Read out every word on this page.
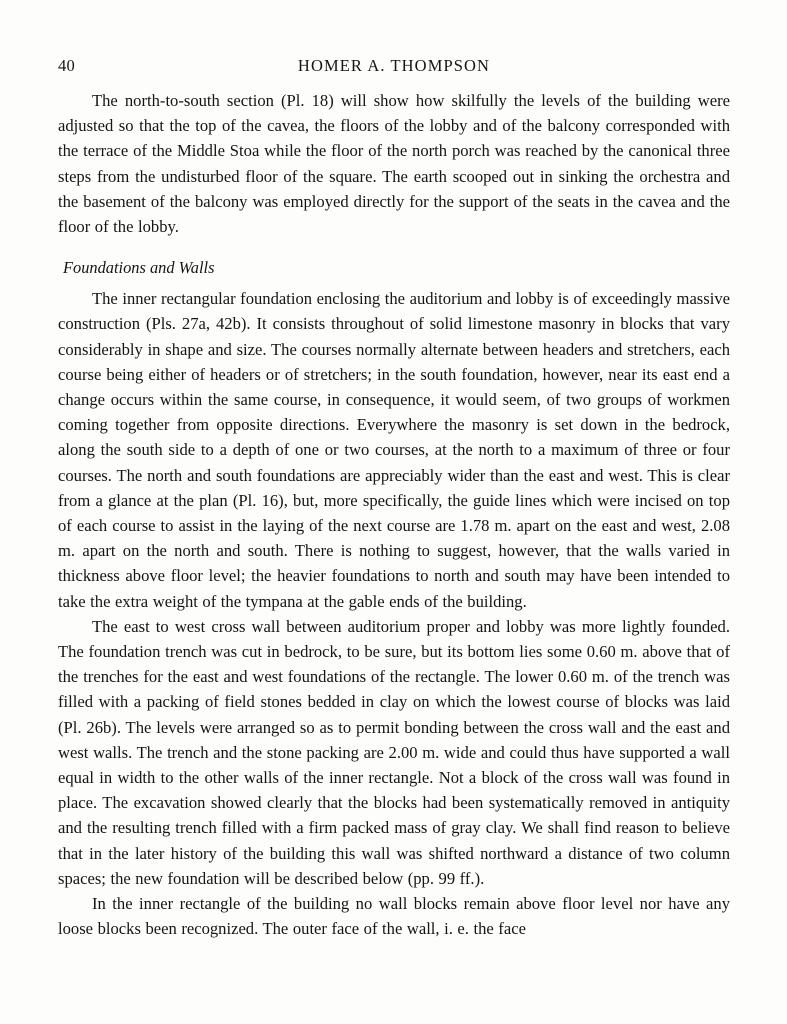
40	HOMER A. THOMPSON

The north-to-south section (Pl. 18) will show how skilfully the levels of the building were adjusted so that the top of the cavea, the floors of the lobby and of the balcony corresponded with the terrace of the Middle Stoa while the floor of the north porch was reached by the canonical three steps from the undisturbed floor of the square. The earth scooped out in sinking the orchestra and the basement of the balcony was employed directly for the support of the seats in the cavea and the floor of the lobby.

Foundations and Walls

The inner rectangular foundation enclosing the auditorium and lobby is of exceedingly massive construction (Pls. 27a, 42b). It consists throughout of solid limestone masonry in blocks that vary considerably in shape and size. The courses normally alternate between headers and stretchers, each course being either of headers or of stretchers; in the south foundation, however, near its east end a change occurs within the same course, in consequence, it would seem, of two groups of workmen coming together from opposite directions. Everywhere the masonry is set down in the bedrock, along the south side to a depth of one or two courses, at the north to a maximum of three or four courses. The north and south foundations are appreciably wider than the east and west. This is clear from a glance at the plan (Pl. 16), but, more specifically, the guide lines which were incised on top of each course to assist in the laying of the next course are 1.78 m. apart on the east and west, 2.08 m. apart on the north and south. There is nothing to suggest, however, that the walls varied in thickness above floor level; the heavier foundations to north and south may have been intended to take the extra weight of the tympana at the gable ends of the building.

The east to west cross wall between auditorium proper and lobby was more lightly founded. The foundation trench was cut in bedrock, to be sure, but its bottom lies some 0.60 m. above that of the trenches for the east and west foundations of the rectangle. The lower 0.60 m. of the trench was filled with a packing of field stones bedded in clay on which the lowest course of blocks was laid (Pl. 26b). The levels were arranged so as to permit bonding between the cross wall and the east and west walls. The trench and the stone packing are 2.00 m. wide and could thus have supported a wall equal in width to the other walls of the inner rectangle. Not a block of the cross wall was found in place. The excavation showed clearly that the blocks had been systematically removed in antiquity and the resulting trench filled with a firm packed mass of gray clay. We shall find reason to believe that in the later history of the building this wall was shifted northward a distance of two column spaces; the new foundation will be described below (pp. 99 ff.).

In the inner rectangle of the building no wall blocks remain above floor level nor have any loose blocks been recognized. The outer face of the wall, i. e. the face
